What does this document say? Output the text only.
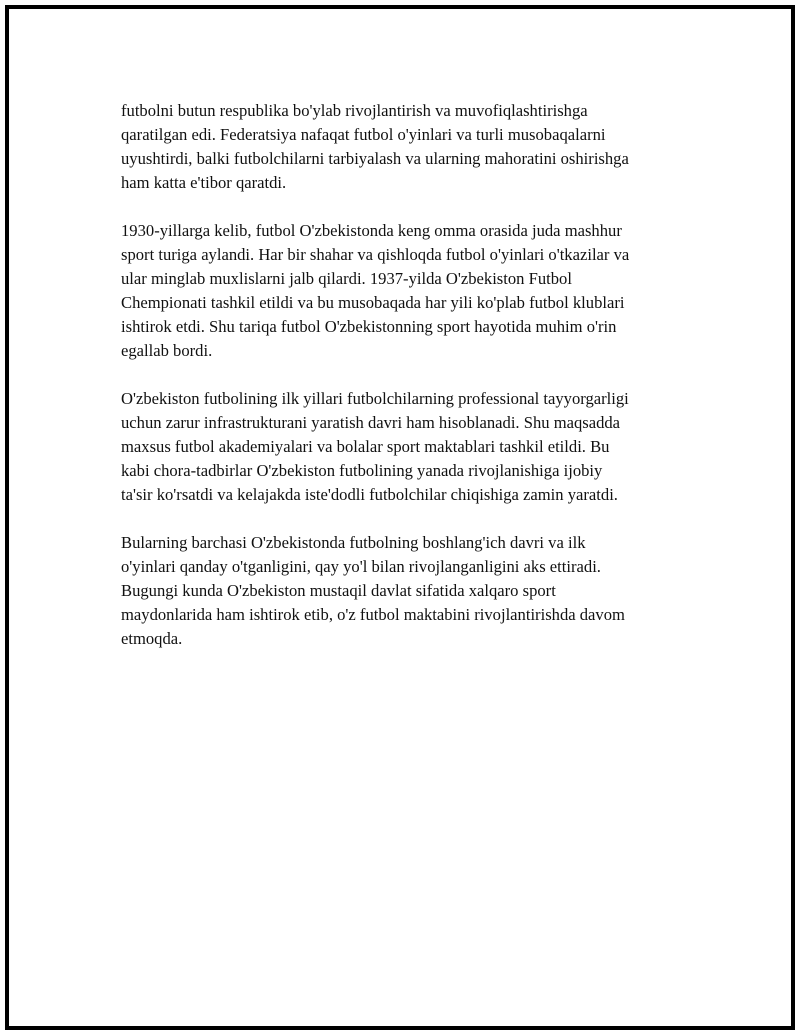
futbolni butun respublika bo'ylab rivojlantirish va muvofiqlashtirishga
qaratilgan edi. Federatsiya nafaqat futbol o'yinlari va turli musobaqalarni
uyushtirdi, balki futbolchilarni tarbiyalash va ularning mahoratini oshirishga
ham katta e'tibor qaratdi.

1930-yillarga kelib, futbol O'zbekistonda keng omma orasida juda mashhur
sport turiga aylandi. Har bir shahar va qishloqda futbol o'yinlari o'tkazilar va
ular minglab muxlislarni jalb qilardi. 1937-yilda O'zbekiston Futbol
Chempionati tashkil etildi va bu musobaqada har yili ko'plab futbol klublari
ishtirok etdi. Shu tariqa futbol O'zbekistonning sport hayotida muhim o'rin
egallab bordi.

O'zbekiston futbolining ilk yillari futbolchilarning professional tayyorgarligi
uchun zarur infrastrukturani yaratish davri ham hisoblanadi. Shu maqsadda
maxsus futbol akademiyalari va bolalar sport maktablari tashkil etildi. Bu
kabi chora-tadbirlar O'zbekiston futbolining yanada rivojlanishiga ijobiy
ta'sir ko'rsatdi va kelajakda iste'dodli futbolchilar chiqishiga zamin yaratdi.

Bularning barchasi O'zbekistonda futbolning boshlang'ich davri va ilk
o'yinlari qanday o'tganligini, qay yo'l bilan rivojlanganligini aks ettiradi.
Bugungi kunda O'zbekiston mustaqil davlat sifatida xalqaro sport
maydonlarida ham ishtirok etib, o'z futbol maktabini rivojlantirishda davom
etmoqda.
